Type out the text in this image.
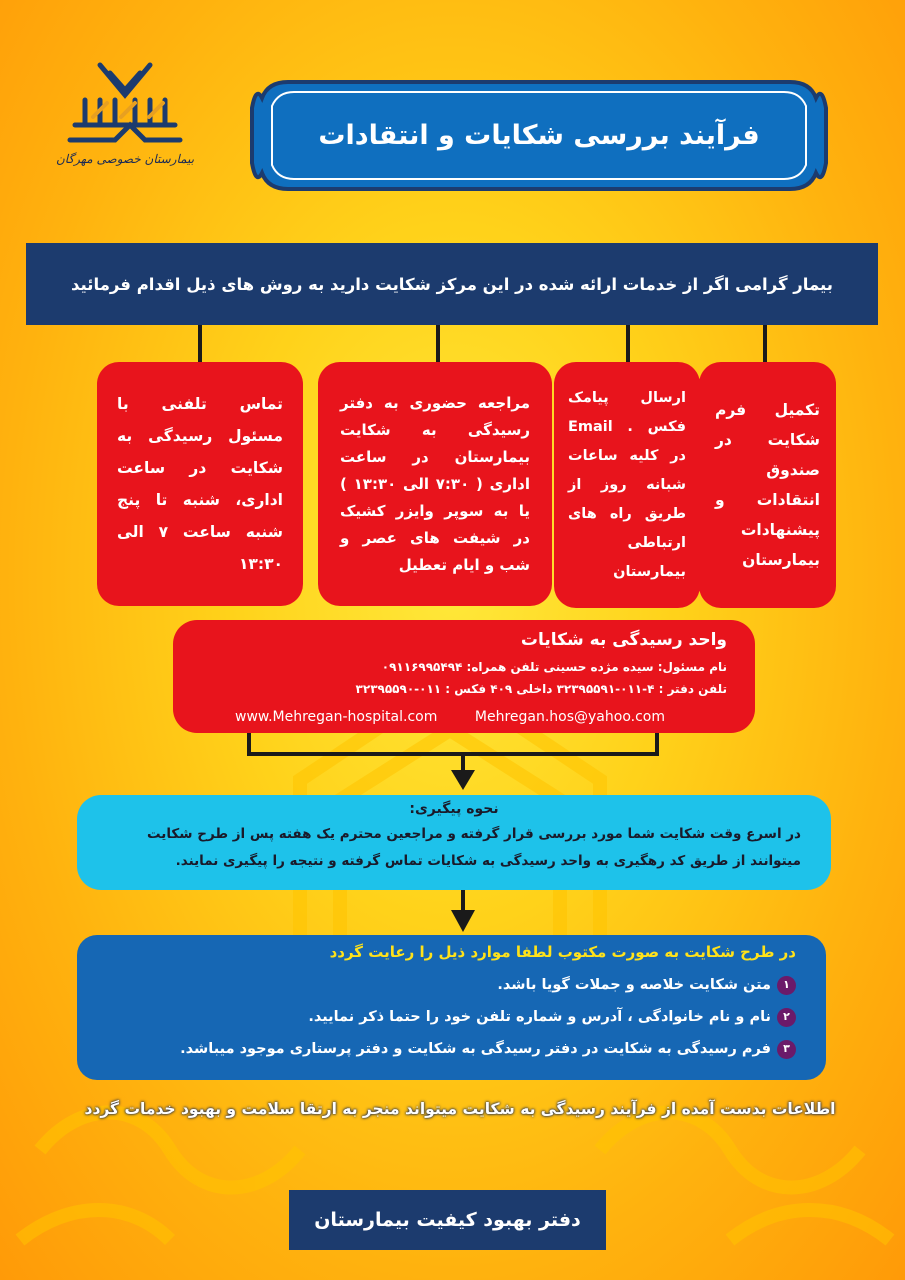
بیمارستان خصوصی مهرگان
فرآیند بررسی شکایات و انتقادات
بیمار گرامی اگر از خدمات ارائه شده در این مرکز شکایت دارید به روش های ذیل اقدام فرمائید
تکمیل فرم شکایت در صندوق انتقادات و پیشنهادات بیمارستان
ارسال پیامک فکس . Email در کلیه ساعات شبانه روز از طریق راه های ارتباطی بیمارستان
مراجعه حضوری به دفتر رسیدگی به شکایت بیمارستان در ساعت اداری ( ۷:۳۰ الی ۱۳:۳۰ ) یا به سوپر وایزر کشیک در شیفت های عصر و شب و ایام تعطیل
تماس تلفنی با مسئول رسیدگی به شکایت در ساعت اداری، شنبه تا پنج شنبه ساعت ۷ الی ۱۳:۳۰
واحد رسیدگی به شکایات
نام مسئول: سیده مژده حسینی تلفن همراه: ۰۹۱۱۶۹۹۵۴۹۴
تلفن دفتر : ۴-۰۱۱-۳۲۳۹۵۵۹۱ داخلی ۴۰۹ فکس : ۰۱۱-۳۲۳۹۵۵۹۰
www.Mehregan-hospital.com	Mehregan.hos@yahoo.com
نحوه پیگیری:
در اسرع وقت شکایت شما مورد بررسی قرار گرفته و مراجعین محترم یک هفته پس از طرح شکایت میتوانند از طریق کد رهگیری به واحد رسیدگی به شکایات تماس گرفته و نتیجه را پیگیری نمایند.
در طرح شکایت به صورت مکتوب لطفا موارد ذیل را رعایت گردد
۱
متن شکایت خلاصه و جملات گویا باشد.
۲
نام و نام خانوادگی ، آدرس و شماره تلفن خود را حتما ذکر نمایید.
۳
فرم رسیدگی به شکایت در دفتر رسیدگی به شکایت و دفتر پرستاری موجود میباشد.
اطلاعات بدست آمده از فرآیند رسیدگی به شکایت میتواند منجر به ارتقا سلامت و بهبود خدمات گردد
دفتر بهبود کیفیت بیمارستان
